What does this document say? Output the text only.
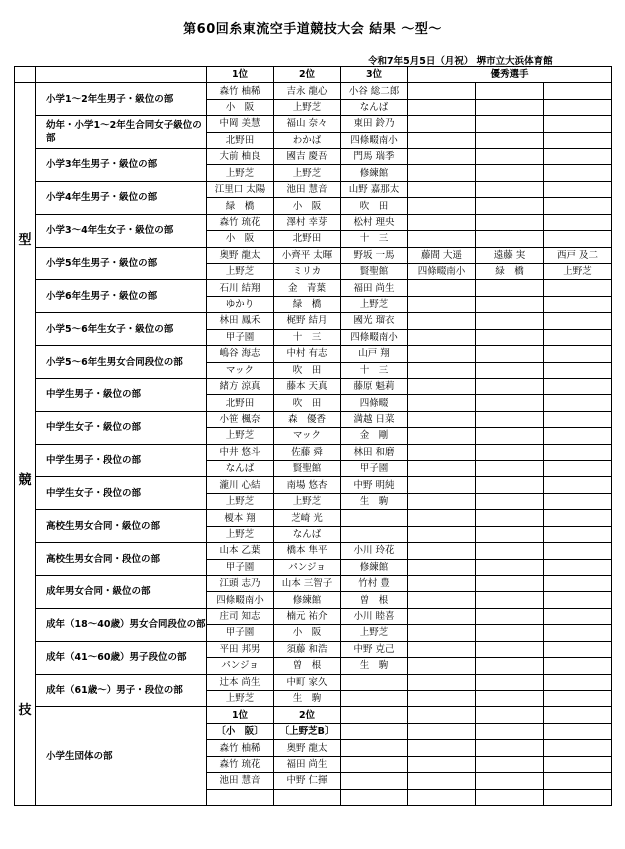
第60回糸東流空手道競技大会 結果 〜型〜
令和7年5月5日（月祝） 堺市立大浜体育館
		1位	2位	3位	優秀選手		

型
競
技	小学1〜2年生男子・級位の部	森竹 柚稀	吉永 龍心	小谷 総二郎			
		小　阪	上野芝	なんば			
	幼年・小学1〜2年生合同女子級位の部	中岡 美慧	福山 奈々	東田 鈴乃			
		北野田	わかば	四條畷南小			
	小学3年生男子・級位の部	大前 柚良	國吉 慶吾	門馬 瑞季			
		上野芝	上野芝	修練館			
	小学4年生男子・級位の部	江里口 太陽	池田 慧音	山野 嘉那太			
		緑　橋	小　阪	吹　田			
	小学3〜4年生女子・級位の部	森竹 琉花	澤村 幸芽	松村 理央			
		小　阪	北野田	十　三			
	小学5年生男子・級位の部	奥野 龍太	小齊平 太暉	野坂 一馬	藤間 大遥	遠藤 実	西戸 及二
		上野芝	ミリカ	賢聖館	四條畷南小	緑　橋	上野芝
	小学6年生男子・級位の部	石川 結翔	金　青葉	福田 尚生			
		ゆかり	緑　橋	上野芝			
	小学5〜6年生女子・級位の部	林田 鳳禾	梶野 結月	國光 瑠衣			
		甲子園	十　三	四條畷南小			
	小学5〜6年生男女合同段位の部	嶋谷 海志	中村 有志	山戸 翔			
		マック	吹　田	十　三			
	中学生男子・級位の部	緒方 涼真	藤本 天真	藤原 魁莉			
		北野田	吹　田	四條畷			
	中学生女子・級位の部	小笹 楓奈	森　優香	満越 日菜			
		上野芝	マック	金　剛			
	中学生男子・段位の部	中井 悠斗	佐藤 舜	林田 和磨			
		なんば	賢聖館	甲子園			
	中学生女子・段位の部	瀧川 心結	南場 悠杏	中野 明純			
		上野芝	上野芝	生　駒			
	高校生男女合同・級位の部	榎本 翔	芝崎 光				
		上野芝	なんば				
	高校生男女合同・段位の部	山本 乙葉	橋本 隼平	小川 玲花			
		甲子園	パンジョ	修練館			
	成年男女合同・級位の部	江頭 志乃	山本 三智子	竹村 豊			
		四條畷南小	修練館	曽　根			
	成年（18〜40歳）男女合同段位の部	庄司 知志	楠元 祐介	小川 睦喜			
		甲子園	小　阪	上野芝			
	成年（41〜60歳）男子段位の部	平田 邦男	須藤 和浩	中野 克己			
		パンジョ	曽　根	生　駒			
	成年（61歳〜）男子・段位の部	辻本 尚生	中町 家久				
		上野芝	生　駒				
	小学生団体の部	1位	2位				
		〔小　阪〕	〔上野芝B〕				
		森竹 柚稀	奥野 龍太				
		森竹 琉花	福田 尚生				
		池田 慧音	中野 仁揮				
